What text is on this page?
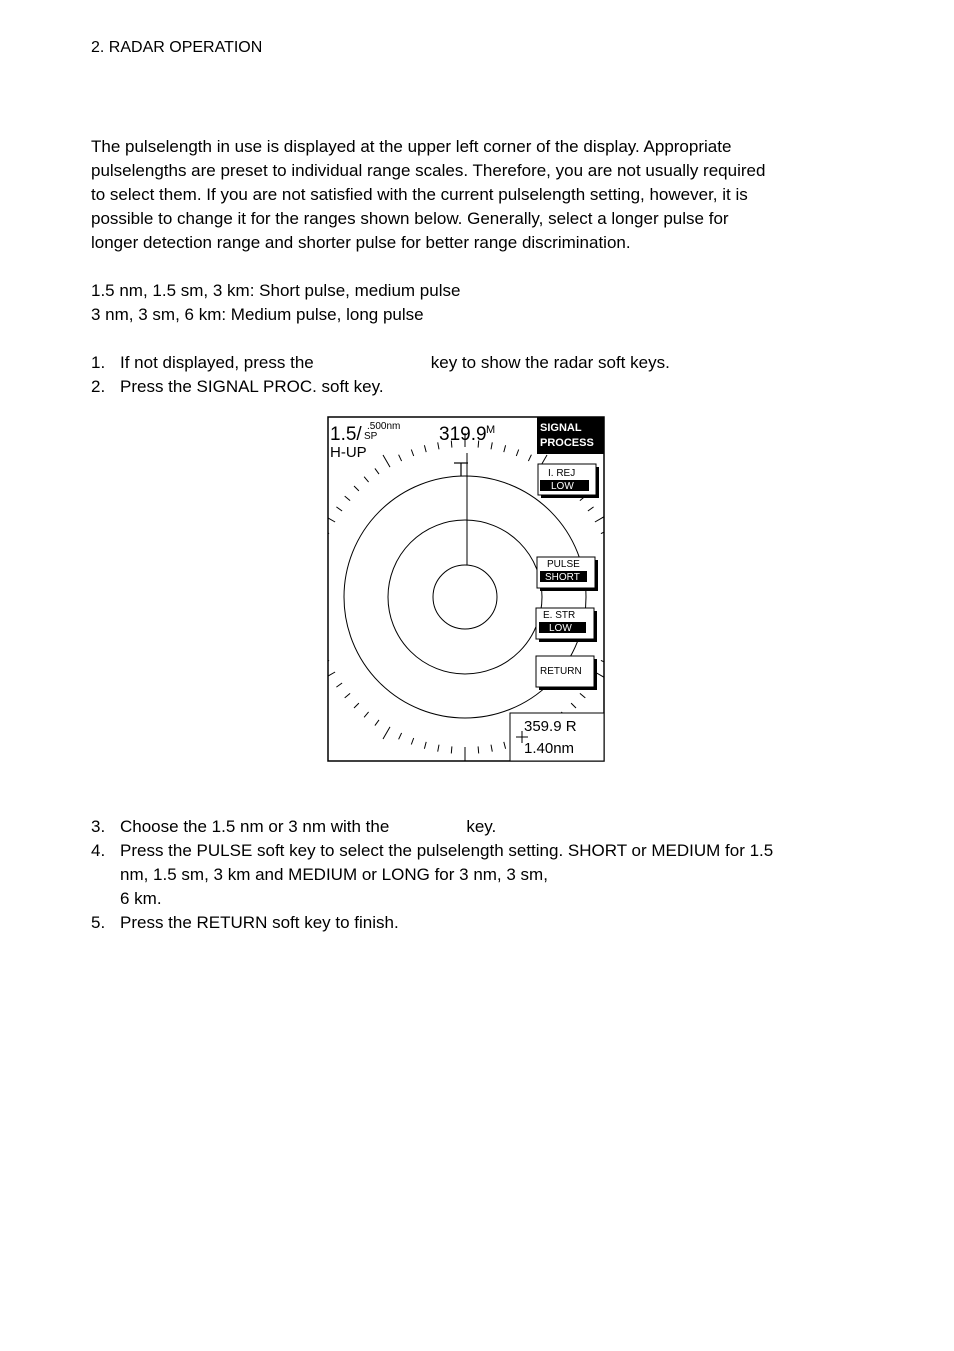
2. RADAR OPERATION

The pulselength in use is displayed at the upper left corner of the display. Appropriate

pulselengths are preset to individual range scales. Therefore, you are not usually required

to select them. If you are not satisfied with the current pulselength setting, however, it is

possible to change it for the ranges shown below. Generally, select a longer pulse for

longer detection range and shorter pulse for better range discrimination.

1.5 nm, 1.5 sm, 3 km: Short pulse, medium pulse
3 nm, 3 sm, 6 km: Medium pulse, long pulse
1. If not displayed, press the	key to show the radar soft keys.
2. Press the SIGNAL PROC. soft key.
1.5/ .500nm
SP	319.9 M
H-UP
SIGNAL
PROCESS
I. REJ
LOW
PULSE
SHORT
E. STR
LOW
RETURN
359.9 R
1.40nm
3. Choose the 1.5 nm or 3 nm with the	key.
4. Press the PULSE soft key to select the pulselength setting. SHORT or MEDIUM for 1.5
nm, 1.5 sm, 3 km and MEDIUM or LONG for 3 nm, 3 sm,
6 km.
5. Press the RETURN soft key to finish.
